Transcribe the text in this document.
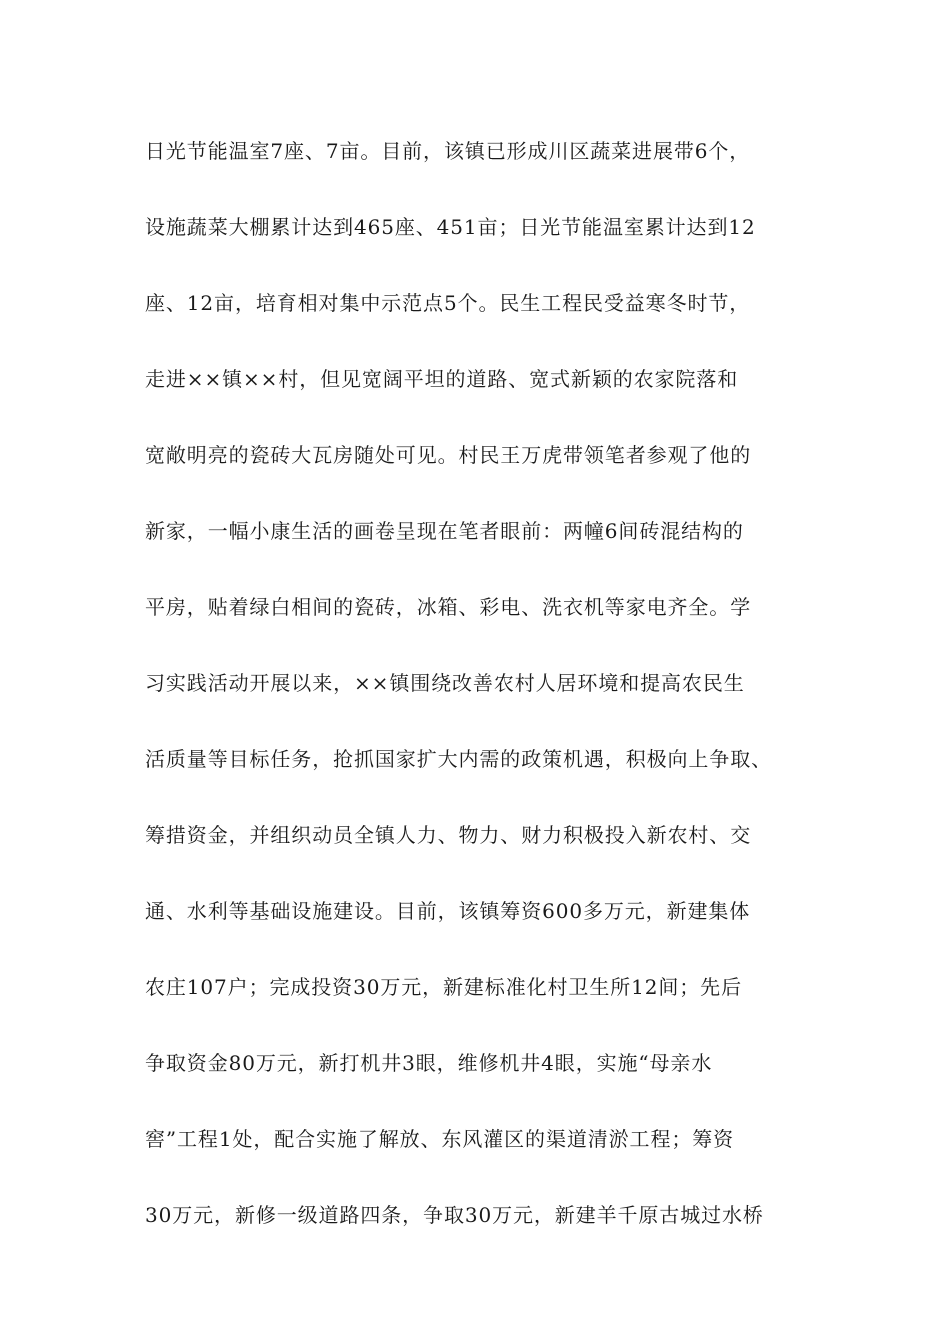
日光节能温室7座、7亩。目前，该镇已形成川区蔬菜进展带6个，
设施蔬菜大棚累计达到465座、451亩；日光节能温室累计达到12
座、12亩，培育相对集中示范点5个。民生工程民受益寒冬时节，
走进××镇××村，但见宽阔平坦的道路、宽式新颖的农家院落和
宽敞明亮的瓷砖大瓦房随处可见。村民王万虎带领笔者参观了他的
新家，一幅小康生活的画卷呈现在笔者眼前：两幢6间砖混结构的
平房，贴着绿白相间的瓷砖，冰箱、彩电、洗衣机等家电齐全。学
习实践活动开展以来，××镇围绕改善农村人居环境和提高农民生
活质量等目标任务，抢抓国家扩大内需的政策机遇，积极向上争取、
筹措资金，并组织动员全镇人力、物力、财力积极投入新农村、交
通、水利等基础设施建设。目前，该镇筹资600多万元，新建集体
农庄107户；完成投资30万元，新建标准化村卫生所12间；先后
争取资金80万元，新打机井3眼，维修机井4眼，实施“母亲水
窖”工程1处，配合实施了解放、东风灌区的渠道清淤工程；筹资
30万元，新修一级道路四条，争取30万元，新建羊千原古城过水桥
